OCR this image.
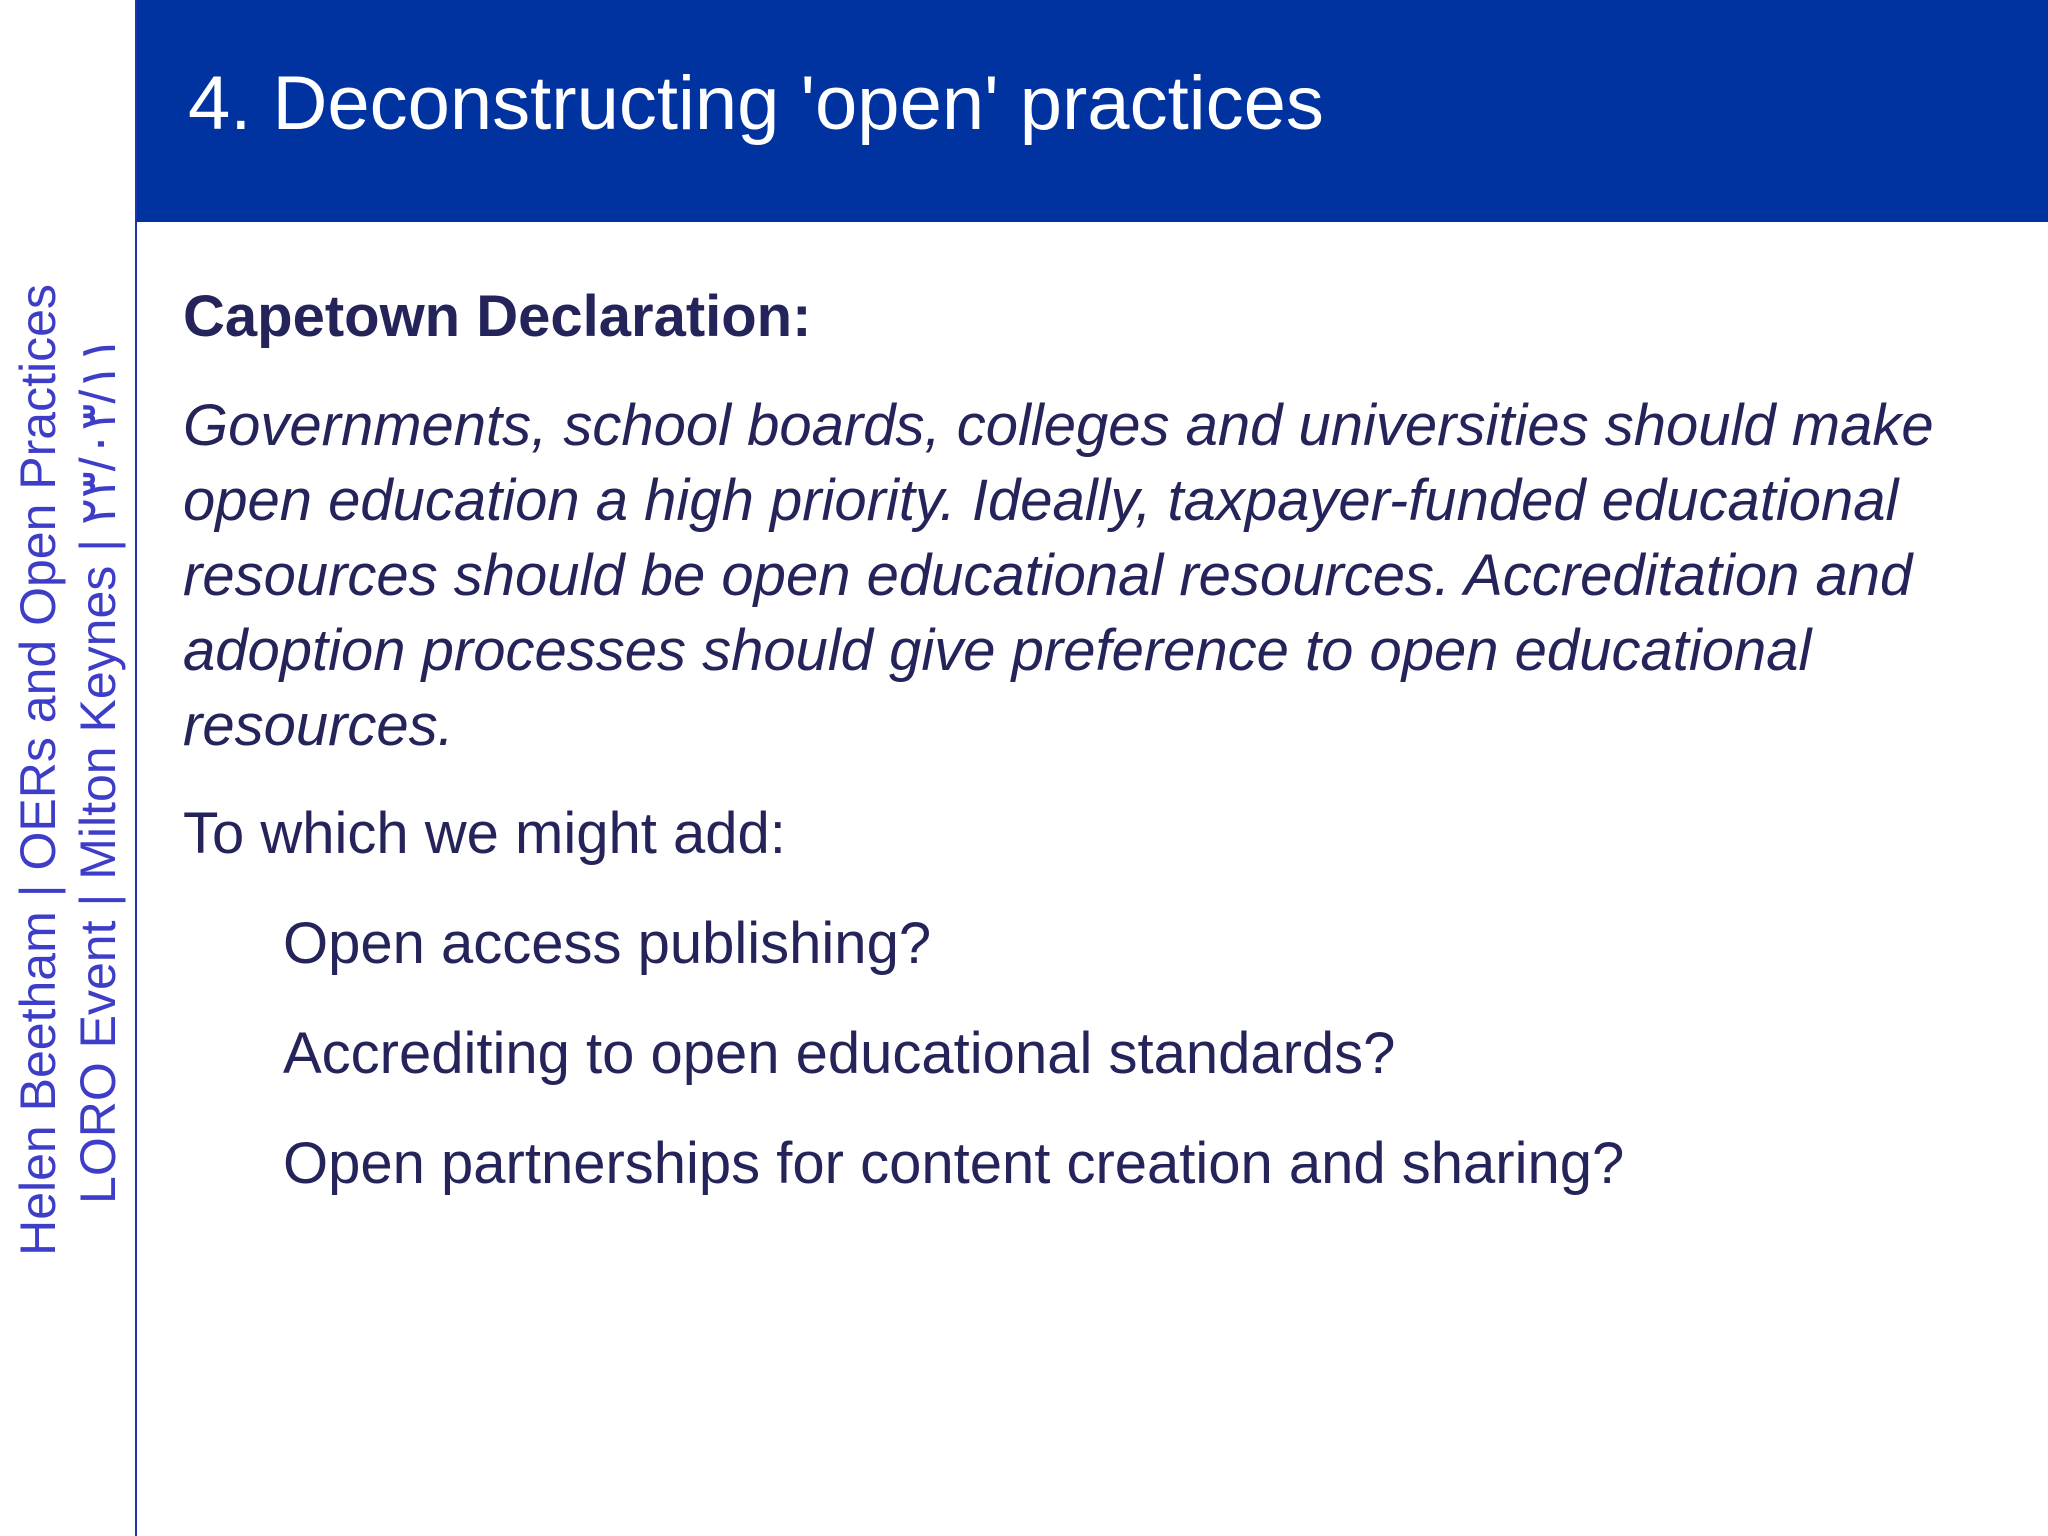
4. Deconstructing 'open' practices
Helen Beetham | OERs and Open Practices LORO Event | Milton Keynes | ٢٣/٠٣/١١

Capetown Declaration:

Governments, school boards, colleges and universities should make open education a high priority. Ideally, taxpayer-funded educational resources should be open educational resources. Accreditation and adoption processes should give preference to open educational resources.

To which we might add:

Open access publishing?
Accrediting to open educational standards?
Open partnerships for content creation and sharing?
